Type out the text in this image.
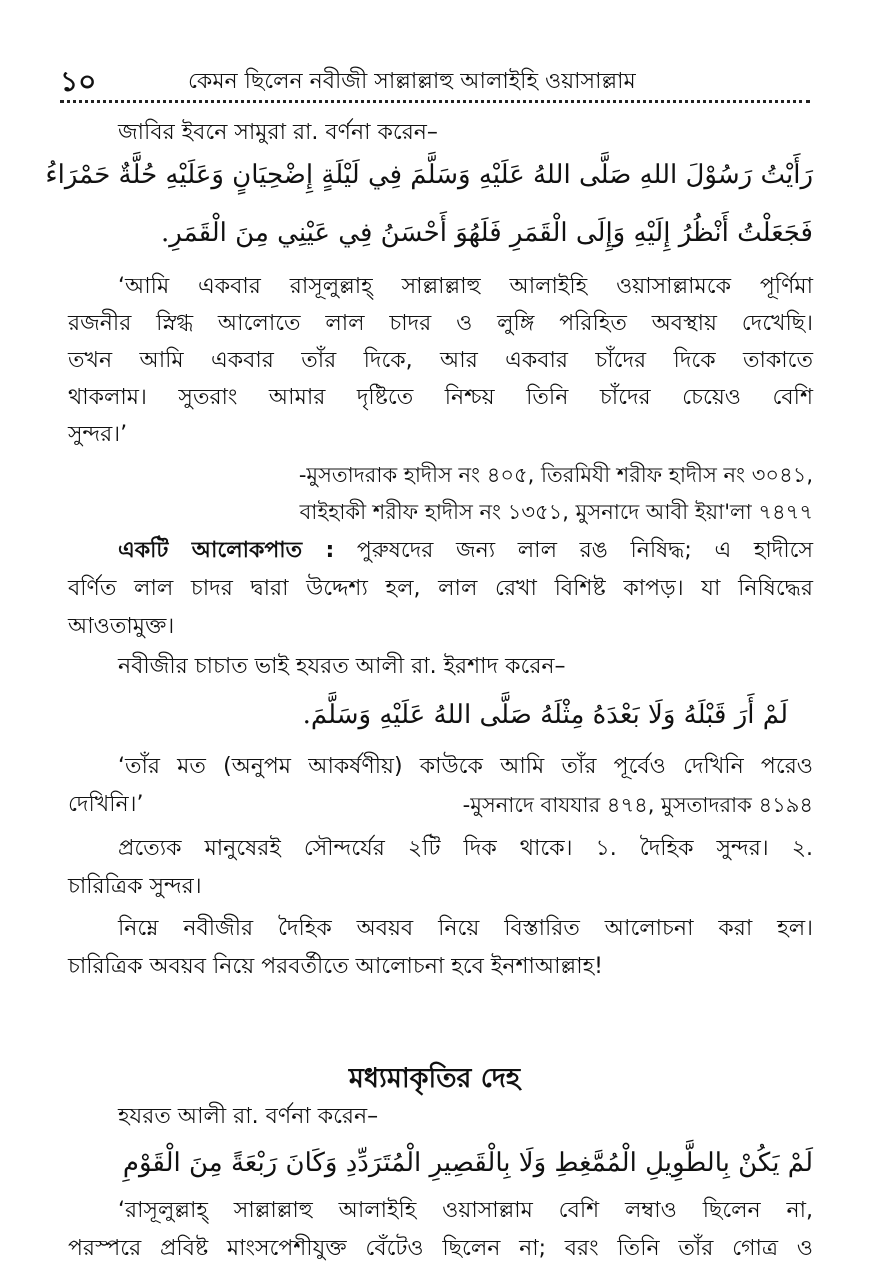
১০	কেমন ছিলেন নবীজী সাল্লাল্লাহু আলাইহি ওয়াসাল্লাম
জাবির ইবনে সামুরা রা. বর্ণনা করেন–
رَأَيْتُ رَسُوْلَ اللهِ صَلَّى اللهُ عَلَيْهِ وَسَلَّمَ فِي لَيْلَةٍ إِضْحِيَانٍ وَعَلَيْهِ حُلَّةٌ حَمْرَاءُ
فَجَعَلْتُ أَنْظُرُ إِلَيْهِ وَإِلَى الْقَمَرِ فَلَهُوَ أَحْسَنُ فِي عَيْنِي مِنَ الْقَمَرِ.
‘আমি একবার রাসূলুল্লাহ্ সাল্লাল্লাহু আলাইহি ওয়াসাল্লামকে পূর্ণিমা
রজনীর স্নিগ্ধ আলোতে লাল চাদর ও লুঙ্গি পরিহিত অবস্থায় দেখেছি।
তখন আমি একবার তাঁর দিকে, আর একবার চাঁদের দিকে তাকাতে
থাকলাম। সুতরাং আমার দৃষ্টিতে নিশ্চয় তিনি চাঁদের চেয়েও বেশি
সুন্দর।’
-মুসতাদরাক হাদীস নং ৪০৫, তিরমিযী শরীফ হাদীস নং ৩০৪১,
বাইহাকী শরীফ হাদীস নং ১৩৫১, মুসনাদে আবী ইয়া'লা ৭৪৭৭
একটি আলোকপাত : পুরুষদের জন্য লাল রঙ নিষিদ্ধ; এ হাদীসে
বর্ণিত লাল চাদর দ্বারা উদ্দেশ্য হল, লাল রেখা বিশিষ্ট কাপড়। যা নিষিদ্ধের
আওতামুক্ত।
নবীজীর চাচাত ভাই হযরত আলী রা. ইরশাদ করেন–
لَمْ أَرَ قَبْلَهُ وَلَا بَعْدَهُ مِثْلَهُ صَلَّى اللهُ عَلَيْهِ وَسَلَّمَ.
‘তাঁর মত (অনুপম আকর্ষণীয়) কাউকে আমি তাঁর পূর্বেও দেখিনি পরেও
দেখিনি।’	-মুসনাদে বাযযার ৪৭৪, মুসতাদরাক ৪১৯৪
প্রত্যেক মানুষেরই সৌন্দর্যের ২টি দিক থাকে। ১. দৈহিক সুন্দর। ২.
চারিত্রিক সুন্দর।
নিম্নে নবীজীর দৈহিক অবয়ব নিয়ে বিস্তারিত আলোচনা করা হল।
চারিত্রিক অবয়ব নিয়ে পরবর্তীতে আলোচনা হবে ইনশাআল্লাহ!
মধ্যমাকৃতির দেহ
হযরত আলী রা. বর্ণনা করেন–
لَمْ يَكُنْ بِالطَّوِيلِ الْمُمَّغِطِ وَلَا بِالْقَصِيرِ الْمُتَرَدِّدِ وَكَانَ رَبْعَةً مِنَ الْقَوْمِ
‘রাসূলুল্লাহ্ সাল্লাল্লাহু আলাইহি ওয়াসাল্লাম বেশি লম্বাও ছিলেন না,
পরস্পরে প্রবিষ্ট মাংসপেশীযুক্ত বেঁটেও ছিলেন না; বরং তিনি তাঁর গোত্র ও
